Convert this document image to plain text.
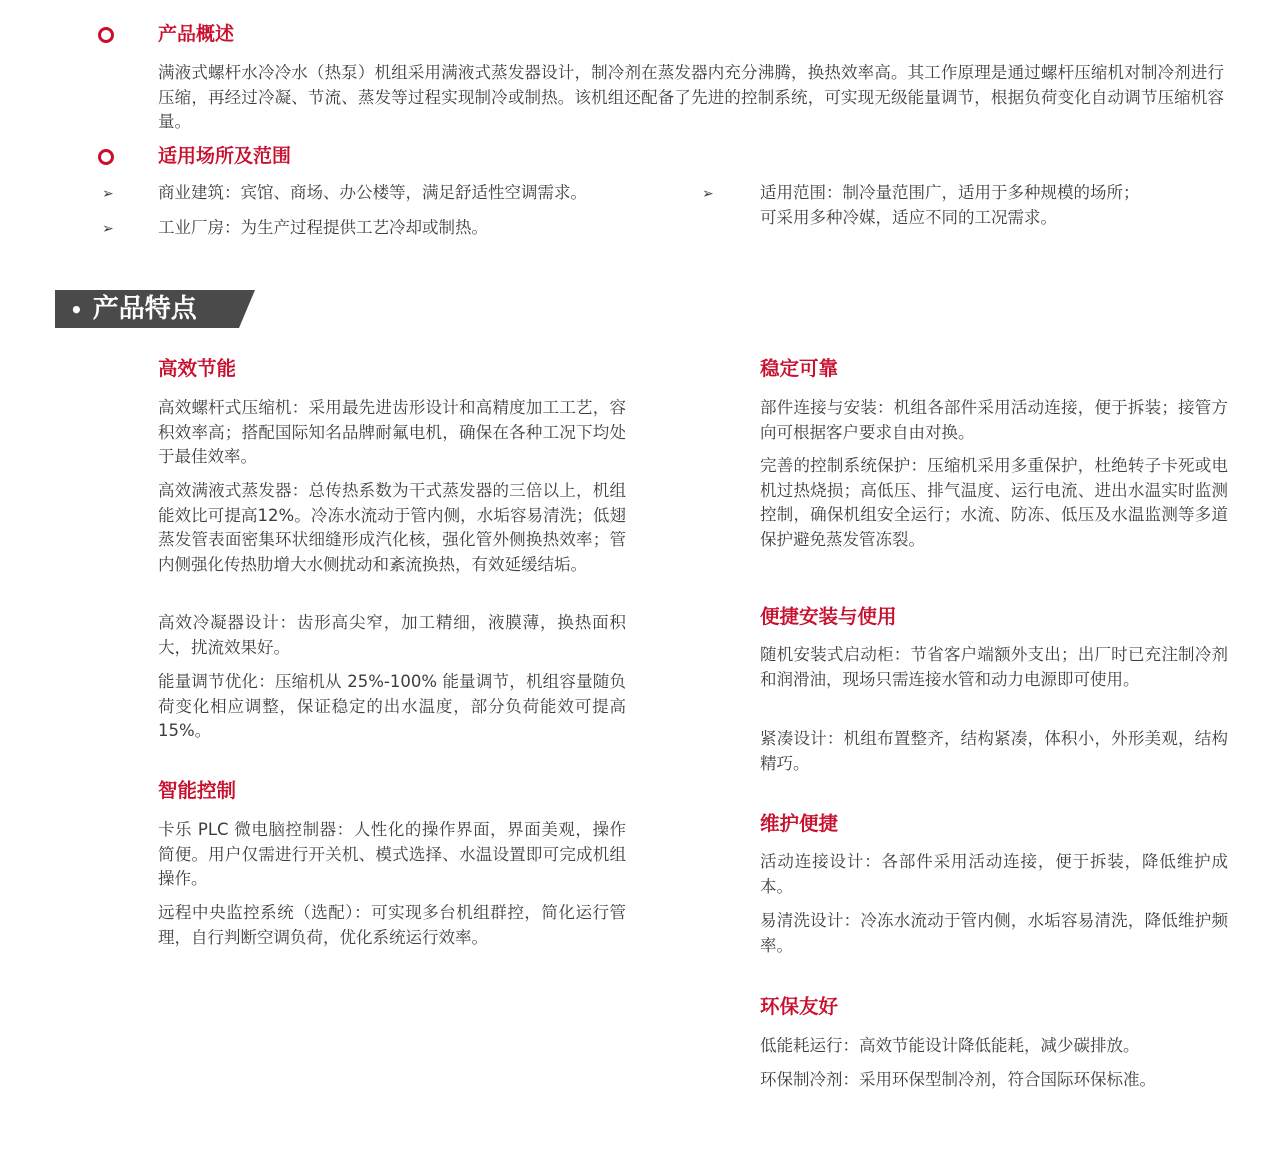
产品概述
满液式螺杆水冷冷水（热泵）机组采用满液式蒸发器设计，制冷剂在蒸发器内充分沸腾，换热效率高。其工作原理是通过螺杆压缩机对制冷剂进行压缩，再经过冷凝、节流、蒸发等过程实现制冷或制热。该机组还配备了先进的控制系统，可实现无级能量调节，根据负荷变化自动调节压缩机容量。
适用场所及范围
➢	商业建筑：宾馆、商场、办公楼等，满足舒适性空调需求。
➢	工业厂房：为生产过程提供工艺冷却或制热。
➢	适用范围：制冷量范围广，适用于多种规模的场所；
可采用多种冷媒，适应不同的工况需求。
• 产品特点
高效节能
高效螺杆式压缩机：采用最先进齿形设计和高精度加工工艺，容积效率高；搭配国际知名品牌耐氟电机，确保在各种工况下均处于最佳效率。
高效满液式蒸发器：总传热系数为干式蒸发器的三倍以上，机组能效比可提高12%。冷冻水流动于管内侧，水垢容易清洗；低翅蒸发管表面密集环状细缝形成汽化核，强化管外侧换热效率；管内侧强化传热肋增大水侧扰动和紊流换热，有效延缓结垢。
高效冷凝器设计：齿形高尖窄，加工精细，液膜薄，换热面积大，扰流效果好。
能量调节优化：压缩机从 25%-100% 能量调节，机组容量随负荷变化相应调整，保证稳定的出水温度，部分负荷能效可提高 15%。
智能控制
卡乐 PLC 微电脑控制器：人性化的操作界面，界面美观，操作简便。用户仅需进行开关机、模式选择、水温设置即可完成机组操作。
远程中央监控系统（选配）：可实现多台机组群控，简化运行管理，自行判断空调负荷，优化系统运行效率。
稳定可靠
部件连接与安装：机组各部件采用活动连接，便于拆装；接管方向可根据客户要求自由对换。
完善的控制系统保护：压缩机采用多重保护，杜绝转子卡死或电机过热烧损；高低压、排气温度、运行电流、进出水温实时监测控制，确保机组安全运行；水流、防冻、低压及水温监测等多道保护避免蒸发管冻裂。
便捷安装与使用
随机安装式启动柜：节省客户端额外支出；出厂时已充注制冷剂和润滑油，现场只需连接水管和动力电源即可使用。
紧凑设计：机组布置整齐，结构紧凑，体积小，外形美观，结构精巧。
维护便捷
活动连接设计：各部件采用活动连接，便于拆装，降低维护成本。
易清洗设计：冷冻水流动于管内侧，水垢容易清洗，降低维护频率。
环保友好
低能耗运行：高效节能设计降低能耗，减少碳排放。
环保制冷剂：采用环保型制冷剂，符合国际环保标准。
